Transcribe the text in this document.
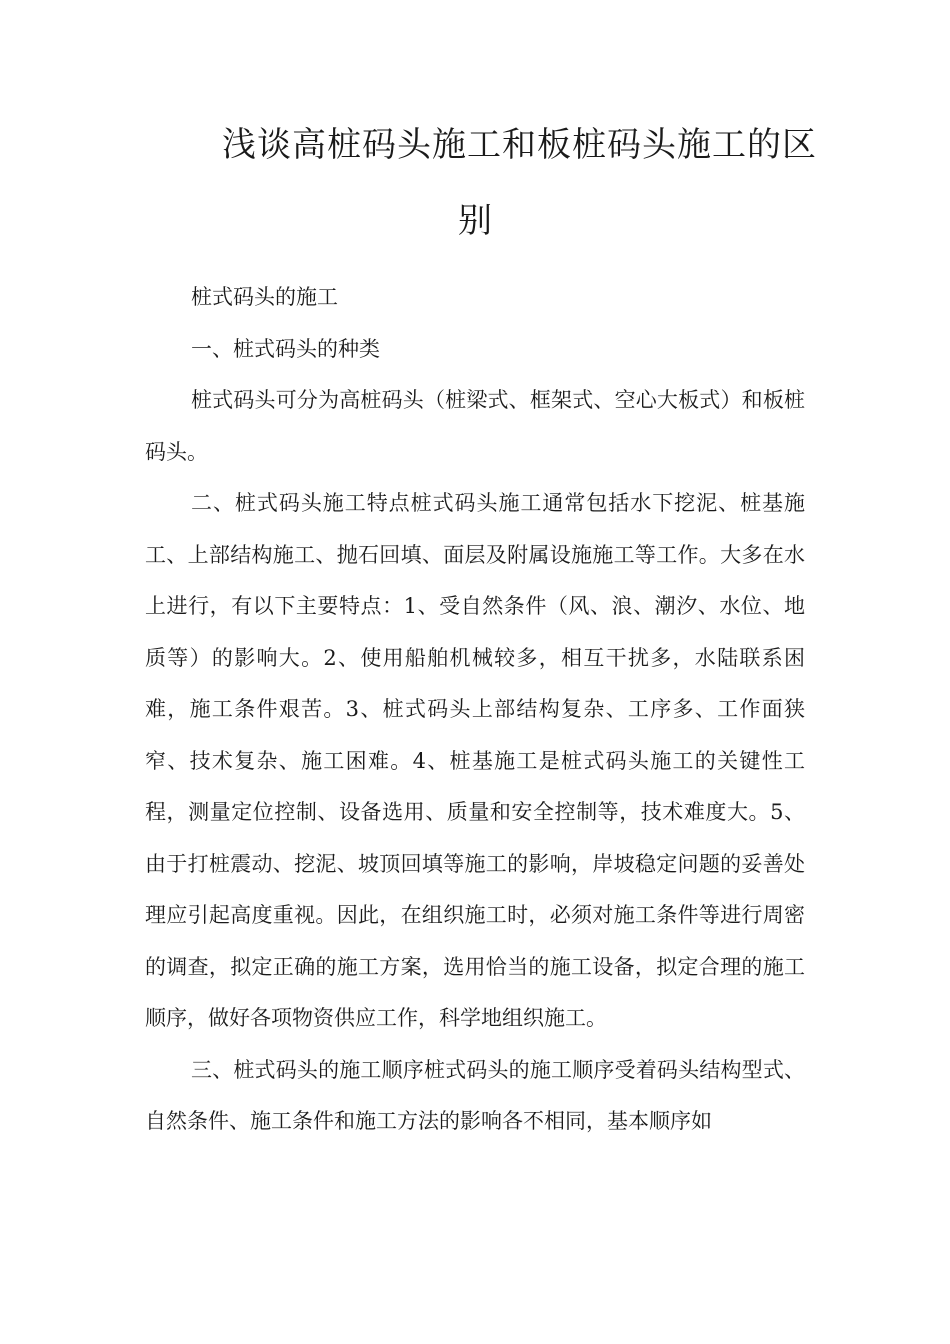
浅谈高桩码头施工和板桩码头施工的区
别

桩式码头的施工

一、桩式码头的种类

桩式码头可分为高桩码头（桩梁式、框架式、空心大板式）和板桩码头。

二、桩式码头施工特点桩式码头施工通常包括水下挖泥、桩基施工、上部结构施工、抛石回填、面层及附属设施施工等工作。大多在水上进行，有以下主要特点：1、受自然条件（风、浪、潮汐、水位、地质等）的影响大。2、使用船舶机械较多，相互干扰多，水陆联系困难，施工条件艰苦。3、桩式码头上部结构复杂、工序多、工作面狭窄、技术复杂、施工困难。4、桩基施工是桩式码头施工的关键性工程，测量定位控制、设备选用、质量和安全控制等，技术难度大。5、由于打桩震动、挖泥、坡顶回填等施工的影响，岸坡稳定问题的妥善处理应引起高度重视。因此，在组织施工时，必须对施工条件等进行周密的调查，拟定正确的施工方案，选用恰当的施工设备，拟定合理的施工顺序，做好各项物资供应工作，科学地组织施工。

三、桩式码头的施工顺序桩式码头的施工顺序受着码头结构型式、自然条件、施工条件和施工方法的影响各不相同，基本顺序如
